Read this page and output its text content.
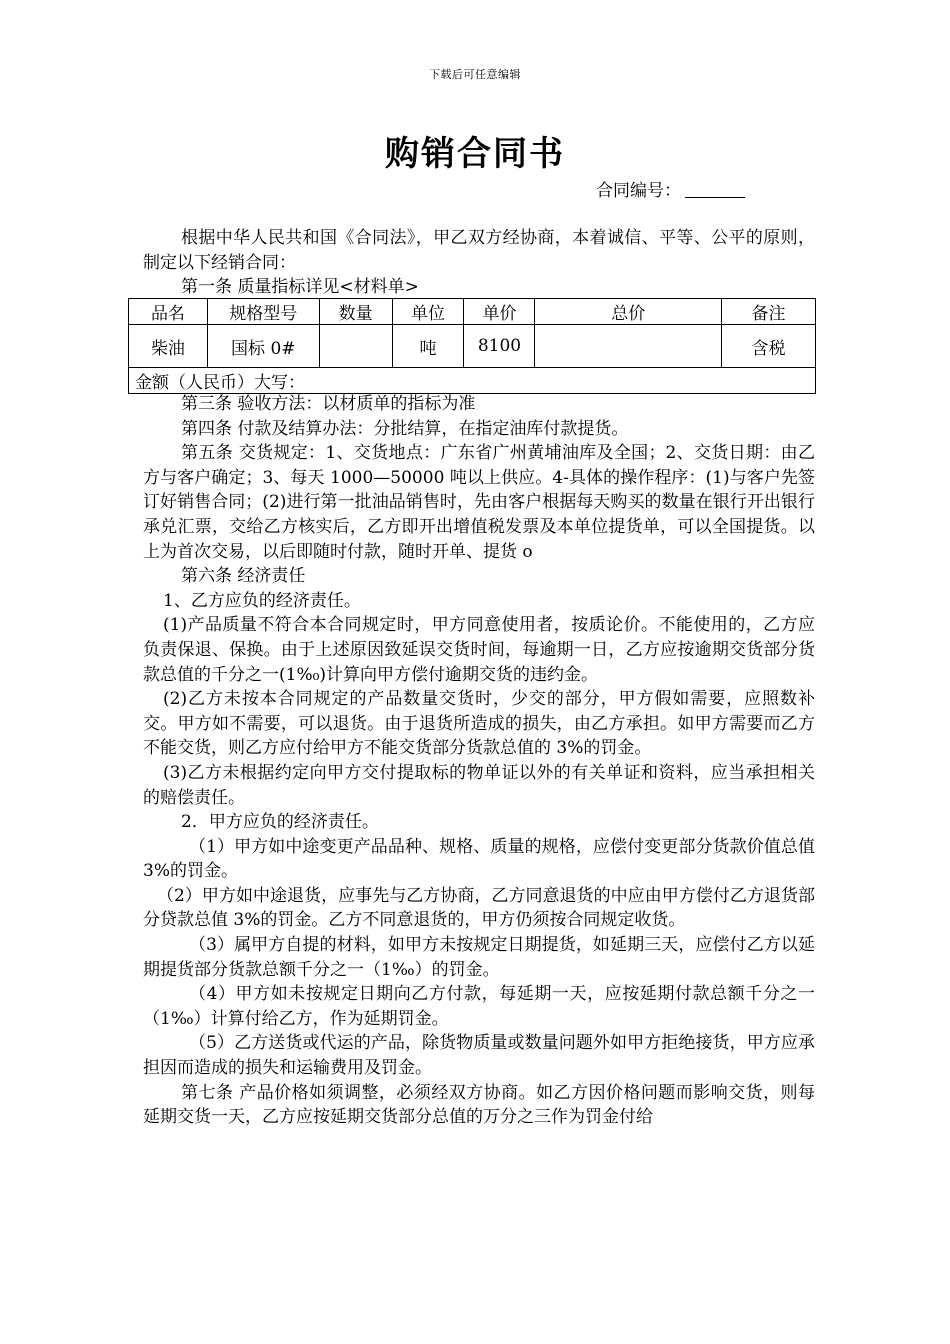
下载后可任意编辑
购销合同书
合同编号：

根据中华人民共和国《合同法》，甲乙双方经协商，本着诚信、平等、公平的原则，制定以下经销合同：

第一条 质量指标详见<材料单>

品名	规格型号	数量	单位	单价	总价	备注
柴油	国标 0#		吨	8100		含税
金额（人民币）大写：						

第三条 验收方法：以材质单的指标为准

第四条 付款及结算办法：分批结算，在指定油库付款提货。

第五条 交货规定：1、交货地点：广东省广州黄埔油库及全国；2、交货日期：由乙方与客户确定；3、每天 1000—50000 吨以上供应。4-具体的操作程序：(1)与客户先签订好销售合同；(2)进行第一批油品销售时，先由客户根据每天购买的数量在银行开出银行承兑汇票，交给乙方核实后，乙方即开出增值税发票及本单位提货单，可以全国提货。以上为首次交易，以后即随时付款，随时开单、提货 o

第六条 经济责任

1、乙方应负的经济责任。

(1)产品质量不符合本合同规定时，甲方同意使用者，按质论价。不能使用的，乙方应负责保退、保换。由于上述原因致延误交货时间，每逾期一日，乙方应按逾期交货部分货款总值的千分之一(1%₀)计算向甲方偿付逾期交货的违约金。

(2)乙方未按本合同规定的产品数量交货时，少交的部分，甲方假如需要，应照数补交。甲方如不需要，可以退货。由于退货所造成的损失，由乙方承担。如甲方需要而乙方不能交货，则乙方应付给甲方不能交货部分货款总值的 3%的罚金。

(3)乙方未根据约定向甲方交付提取标的物单证以外的有关单证和资料，应当承担相关的赔偿责任。

2．甲方应负的经济责任。

（1）甲方如中途变更产品品种、规格、质量的规格，应偿付变更部分货款价值总值 3%的罚金。

（2）甲方如中途退货，应事先与乙方协商，乙方同意退货的中应由甲方偿付乙方退货部分贷款总值 3%的罚金。乙方不同意退货的，甲方仍须按合同规定收货。

（3）属甲方自提的材料，如甲方未按规定日期提货，如延期三天，应偿付乙方以延期提货部分货款总额千分之一（1‰）的罚金。

（4）甲方如未按规定日期向乙方付款，每延期一天，应按延期付款总额千分之一（1‰）计算付给乙方，作为延期罚金。

（5）乙方送货或代运的产品，除货物质量或数量问题外如甲方拒绝接货，甲方应承担因而造成的损失和运输费用及罚金。

第七条 产品价格如须调整，必须经双方协商。如乙方因价格问题而影响交货，则每延期交货一天，乙方应按延期交货部分总值的万分之三作为罚金付给
